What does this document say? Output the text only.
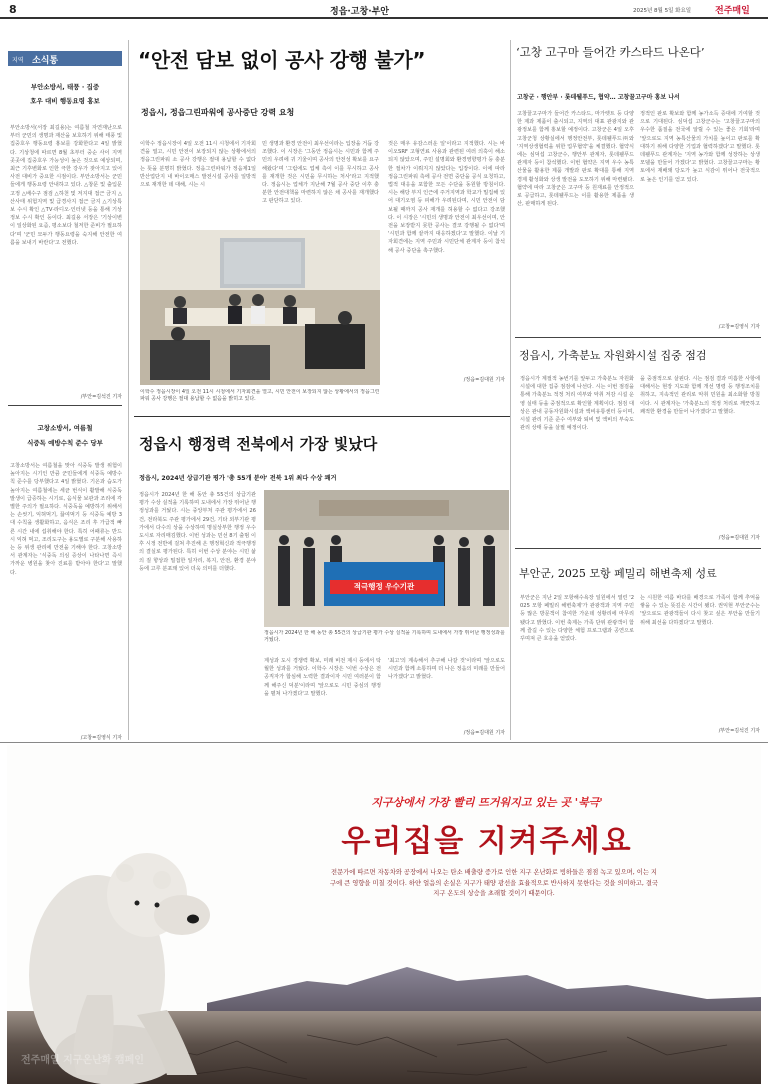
8	정읍·고창·부안	2025년 8월 5일 화요일	전주매일
지역 소식통
부안소방서, 태풍 · 집중
호우 대비 행동요령 홍보
부안소방서(서장 최길용)는 여름철 자연재난으로부터 군민의 생명과 재산을 보호하기 위해 태풍 및 집중호우 행동요령 홍보를 강화한다고 4일 밝혔다. 기상청에 따르면 8월 초부터 중순 사이 지역 곳곳에 집중호우 가능성이 높은 것으로 예상되며, 최근 기후변화로 인한 극한 강우가 잦아지고 있어 사전 대비가 중요한 시점이다. 부안소방서는 군민들에게 행동요령 안내하고 있다. △창문 및 출입문 고정 △배수구 점검 △하천 및 저지대 접근 금지 △산사태 위험지역 및 급경사지 접근 금지 △기상특보 수시 확인 △TV·라디오·인터넷 등을 통해 기상정보 수시 확인 등이다. 최길용 서장은 '기상이변이 일상화된 요즘, 평소보다 철저한 준비가 필요하다'며 '군민 모두가 행동요령을 숙지해 안전한 여름을 보내기 바란다'고 전했다.
/부안=김석진 기자
고창소방서, 여름철
식중독 예방수칙 준수 당부
고창소방서는 여름철을 맞아 식중독 발생 위험이 높아지는 시기인 만큼 군민들에게 식중독 예방수칙 준수를 당부했다고 4일 밝혔다. 기온과 습도가 높아지는 여름철에는 세균 번식이 활발해 식중독 발생이 급증하는 시기로, 음식물 보관과 조리에 각별한 주의가 필요하다. 식중독을 예방하기 위해서는 손씻기, 익혀먹기, 끓여먹기 등 식중독 예방 3대 수칙을 생활화하고, 음식은 조리 후 가급적 빠른 시간 내에 섭취해야 한다. 특히 어패류는 반드시 익혀 먹고, 조리도구는 용도별로 구분해 사용하는 등 위생 관리에 만전을 기해야 한다. 고창소방서 관계자는 '식중독 의심 증상이 나타나면 즉시 가까운 병원을 찾아 진료를 받아야 한다'고 말했다.
/고창=김영식 기자
“안전 담보 없이 공사 강행 불가”
정읍시, 정읍그린파워에 공사중단 강력 요청
이학수 정읍시장이 4일 오전 11시 시청에서 기자회견을 열고, 시민 안전이 보장되지 않는 상황에서의 정읍그린파워 소 공사 강행은 절대 용납할 수 없다는 뜻을 분명히 밝혔다. 정읍그린파워가 정읍제1일반산업단지 내 바이오매스 발전시설 공사를 일방적으로 재개한 데 대해, 시는 시
민 생명과 환경 안전이 최우선이라는 입장을 거듭 강조했다. 이 시장은 '그동안 정읍시는 시민과 함께 주민의 우려에 귀 기울이며 공사의 안전성 확보를 요구해왔다'며 '그럼에도 업체 측이 이를 무시하고 공사를 재개한 것은 시민을 무시하는 처사'라고 지적했다. 정읍시는 업체가 지난해 7월 공사 중단 이후 충분한 안전대책을 마련하지 않은 채 공사를 재개했다고 판단하고 있다.
것은 매우 유감스러운 일'이라고 지적했다. 시는 바이오SRF 고형연료 사용과 관련된 여러 의혹이 해소되지 않았으며, 주민 설명회와 환경영향평가 등 충분한 절차가 이뤄지지 않았다는 입장이다. 이에 따라 정읍그린파워 측에 공사 전면 중단을 공식 요청하고, 법적 대응을 포함한 모든 수단을 동원할 방침이다. 시는 해당 부지 인근에 주거지역과 학교가 밀집해 있어 대기오염 등 피해가 우려된다며, 시민 안전이 담보될 때까지 공사 재개를 허용할 수 없다고 강조했다. 이 시장은 '시민의 생명과 안전이 최우선이며, 안전을 보장받지 못한 공사는 결코 강행될 수 없다'며 '시민과 함께 끝까지 대응하겠다'고 말했다. 이날 기자회견에는 지역 주민과 시민단체 관계자 등이 참석해 공사 중단을 촉구했다.
이학수 정읍시장이 4일 오전 11시 시청에서 기자회견을 열고, 시민 안전이 보장되지 않는 상황에서의 정읍그린파워 공사 강행은 절대 용납할 수 없음을 밝히고 있다.
/정읍=김대원 기자
정읍시 행정력 전북에서 가장 빛났다
정읍시, 2024년 상급기관 평가 '총 55개 분야' 전북 1위 최다 수상 쾌거
정읍시가 2024년 한 해 동안 총 55건의 상급기관 평가 수상 실적을 기록하며 도내에서 가장 뛰어난 행정성과를 거뒀다. 시는 중앙부처 주관 평가에서 26건, 전라북도 주관 평가에서 29건, 기타 외부기관 평가에서 다수의 상을 수상하며 명실상부한 행정 우수도시로 자리매김했다. 이번 성과는 민선 8기 출범 이후 시정 전반에 걸쳐 추진해 온 행정혁신과 적극행정의 결실로 평가된다. 특히 이번 수상 분야는 시민 삶의 질 향상과 밀접한 일자리, 복지, 안전, 환경 분야 등에 고루 분포돼 있어 더욱 의미를 더했다.
적극행정 우수기관
정읍시가 2024년 한 해 동안 총 55건의 상급기관 평가 수상 실적을 기록하며 도내에서 가장 뛰어난 행정성과를 거뒀다.
계성과 도시 경쟁력 확보, 미래 비전 제시 등에서 탁월한 성과를 거뒀다. 이학수 시장은 '이번 수상은 전 공직자가 합심해 노력한 결과이자 시민 여러분이 함께 해주신 덕분'이라며 '앞으로도 시민 중심의 행정을 펼쳐 나가겠다'고 말했다.
'최고'의 계속해서 추구해 나갈 것'이라며 '앞으로도 시민과 함께 소통하며 더 나은 정읍의 미래를 만들어 나가겠다'고 밝혔다.
/정읍=김대원 기자
‘고창 고구마 들어간 카스타드 나온다’
고창군 · 행안부 · 롯데웰푸드, 협약… 고창꿀고구마 홍보 나서
고창꿀고구마가 들어간 카스타드, 마가렛트 등 다양한 제과 제품이 출시되고, 지역의 대표 관광지와 관광정보를 함께 홍보할 예정이다. 고창군은 4일 오후 고창군청 상황실에서 행정안전부, 롯데웰푸드㈜와 '지역상생협력을 위한 업무협약'을 체결했다. 협약식에는 심덕섭 고창군수, 행안부 관계자, 롯데웰푸드 관계자 등이 참석했다. 이번 협약은 지역 우수 농특산물을 활용한 제품 개발과 판로 확대를 통해 지역 경제 활성화와 상생 발전을 도모하기 위해 마련됐다. 협약에 따라 고창군은 고구마 등 원재료를 안정적으로 공급하고, 롯데웰푸드는 이를 활용한 제품을 생산, 판매하게 된다.
정적인 판로 확보와 함께 농가소득 증대에 기여할 것으로 기대된다. 심덕섭 고창군수는 '고창꿀고구마의 우수한 품질을 전국에 알릴 수 있는 좋은 기회'라며 '앞으로도 지역 농특산물의 가치를 높이고 판로를 확대하기 위해 다양한 기업과 협력하겠다'고 말했다. 롯데웰푸드 관계자는 '지역 농가와 함께 성장하는 상생 모델을 만들어 가겠다'고 밝혔다. 고창꿀고구마는 황토에서 재배돼 당도가 높고 식감이 뛰어나 전국적으로 높은 인기를 얻고 있다.
/고창=김영식 기자
정읍시, 가축분뇨 자원화시설 집중 점검
정읍시가 계절적 농번기를 앞두고 가축분뇨 자원화시설에 대한 집중 점검에 나선다. 시는 이번 점검을 통해 가축분뇨 적정 처리 여부와 악취 저감 시설 운영 실태 등을 중점적으로 확인할 계획이다. 점검 대상은 관내 공동자원화시설과 액비유통센터 등이며, 시설 관리 기준 준수 여부와 퇴비 및 액비의 부숙도 관리 상태 등을 살필 예정이다.
을 중점적으로 살핀다. 시는 점검 결과 미흡한 사항에 대해서는 현장 지도와 함께 개선 명령 등 행정조치를 취하고, 지속적인 관리로 악취 민원을 최소화할 방침이다. 시 관계자는 '가축분뇨의 적정 처리로 깨끗하고 쾌적한 환경을 만들어 나가겠다'고 말했다.
/정읍=김대원 기자
부안군, 2025 모항 페밀리 해변축제 성료
부안군은 지난 2일 모항해수욕장 일원에서 열린 '2025 모항 페밀리 해변축제'가 관광객과 지역 주민 등 많은 방문객이 참여한 가운데 성황리에 마무리됐다고 밝혔다. 이번 축제는 가족 단위 관광객이 함께 즐길 수 있는 다양한 체험 프로그램과 공연으로 꾸며져 큰 호응을 얻었다.
는 시원한 여름 바다를 배경으로 가족이 함께 추억을 쌓을 수 있는 뜻깊은 시간이 됐다. 권익현 부안군수는 '앞으로도 관광객들이 다시 찾고 싶은 부안을 만들기 위해 최선을 다하겠다'고 말했다.
/부안=김석진 기자
지구상에서 가장 빨리 뜨거워지고 있는 곳 '북극'
우리집을 지켜주세요
전문가에 따르면 자동차와 공장에서 나오는 탄소 배출량 증가로 인한 지구 온난화로 빙하들은 점점 녹고 있으며, 이는 지구에 큰 영향을 미칠 것이다. 하얀 얼음의 손실은 지구가 태양 광선을 효율적으로 반사하지 못한다는 것을 의미하고, 결국 지구 온도의 상승을 초래할 것이기 때문이다.
전주매일 지구온난화 캠페인
